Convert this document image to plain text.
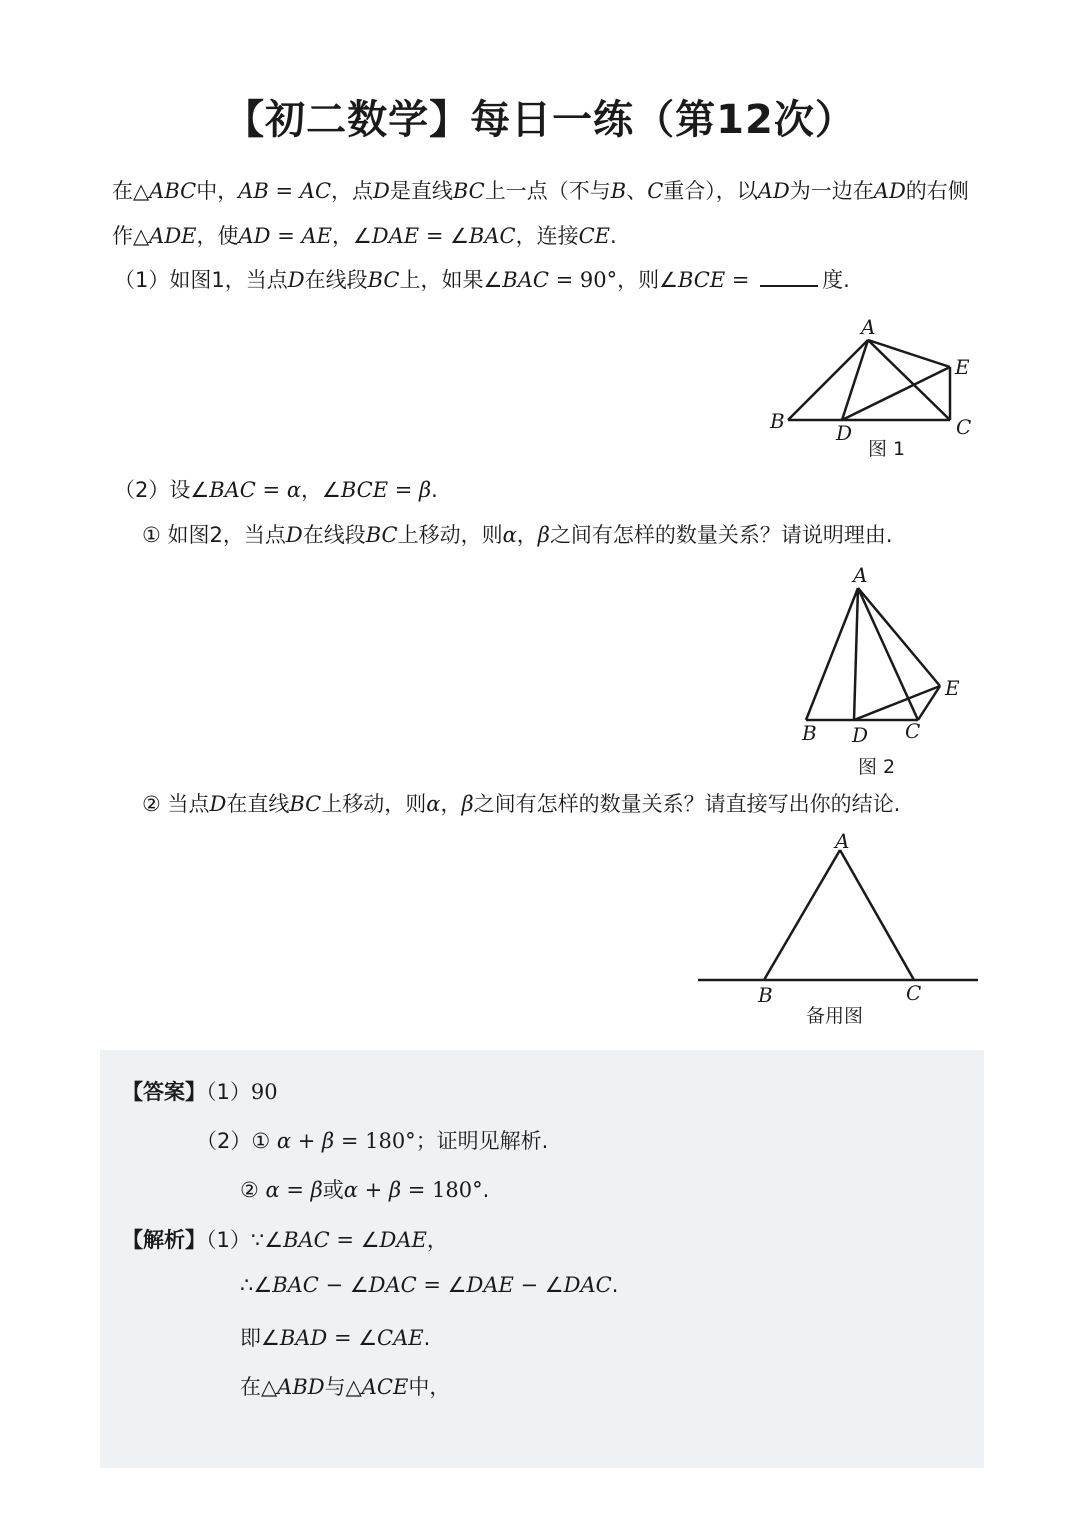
【初二数学】每日一练（第12次）
在△ABC中，AB = AC，点D是直线BC上一点（不与B、C重合），以AD为一边在AD的右侧
作△ADE，使AD = AE，∠DAE = ∠BAC，连接CE.
（1）如图1，当点D在线段BC上，如果∠BAC = 90°，则∠BCE =	度.
A
E
B	D	C
图 1
（2）设∠BAC = α，∠BCE = β.
① 如图2，当点D在线段BC上移动，则α，β之间有怎样的数量关系？请说明理由.
A
E
B D C
图 2
② 当点D在直线BC上移动，则α，β之间有怎样的数量关系？请直接写出你的结论.
A
B	C
备用图
【答案】（1）90
（2）① α + β = 180°；证明见解析.
② α = β或α + β = 180°.
【解析】（1）∵∠BAC = ∠DAE，
∴∠BAC − ∠DAC = ∠DAE − ∠DAC.
即∠BAD = ∠CAE.
在△ABD与△ACE中，
